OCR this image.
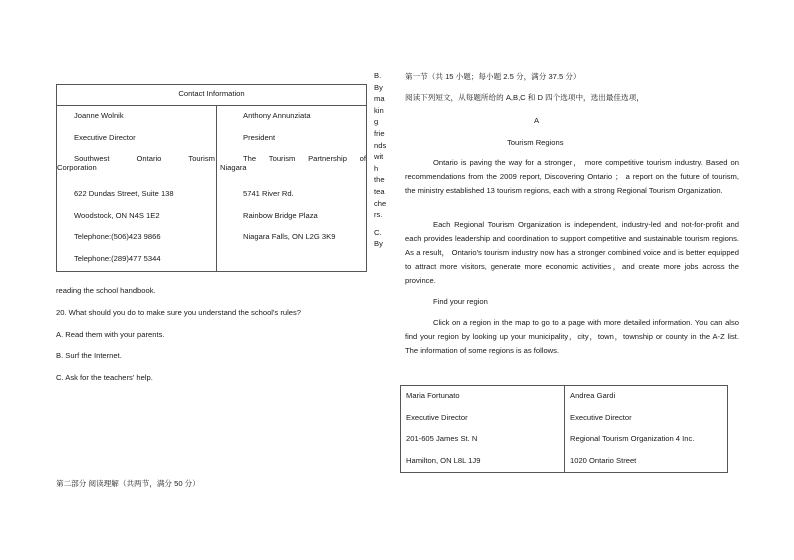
Contact Information
Joanne Wolnik
Executive Director
Southwest	Ontario	Tourism
Corporation
622 Dundas Street, Suite 138
Woodstock, ON N4S 1E2
Telephone:(506)423 9866
Telephone:(289)477 5344
Anthony Annunziata
President
The Tourism Partnership of
Niagara
5741 River Rd.
Rainbow Bridge Plaza
Niagara Falls, ON L2G 3K9
B.
By
ma
kin
g
frie
nds
wit
h
the
tea
che
rs.
C.
By
reading the school handbook.
20. What should you do to make sure you understand the school's rules?
A. Read them with your parents.
B. Surf the Internet.
C. Ask for the teachers' help.
第二部分 阅读理解（共两节，满分 50 分）
第一节（共 15 小题；每小题 2.5 分，满分 37.5 分）
阅读下列短文，从每题所给的 A,B,C 和 D 四个选项中，选出最佳选项，
A
Tourism Regions
Ontario is paving the way for a stronger， more competitive tourism industry. Based on recommendations from the 2009 report, Discovering Ontario ； a report on the future of tourism, the ministry established 13 tourism regions, each with a strong Regional Tourism Organization.
Each Regional Tourism Organization is independent, industry-led and not-for-profit and each provides leadership and coordination to support competitive and sustainable tourism regions. As a result， Ontario's tourism industry now has a stronger combined voice and is better equipped to attract more visitors, generate more economic activities，and create more jobs across the province.
Find your region
Click on a region in the map to go to a page with more detailed information. You can also find your region by looking up your municipality，city，town，township or county in the A-Z list. The information of some regions is as follows.
Maria Fortunato
Executive Director
201-605 James St. N
Hamilton, ON L8L 1J9
Andrea Gardi
Executive Director
Regional Tourism Organization 4 Inc.
1020 Ontario Street
